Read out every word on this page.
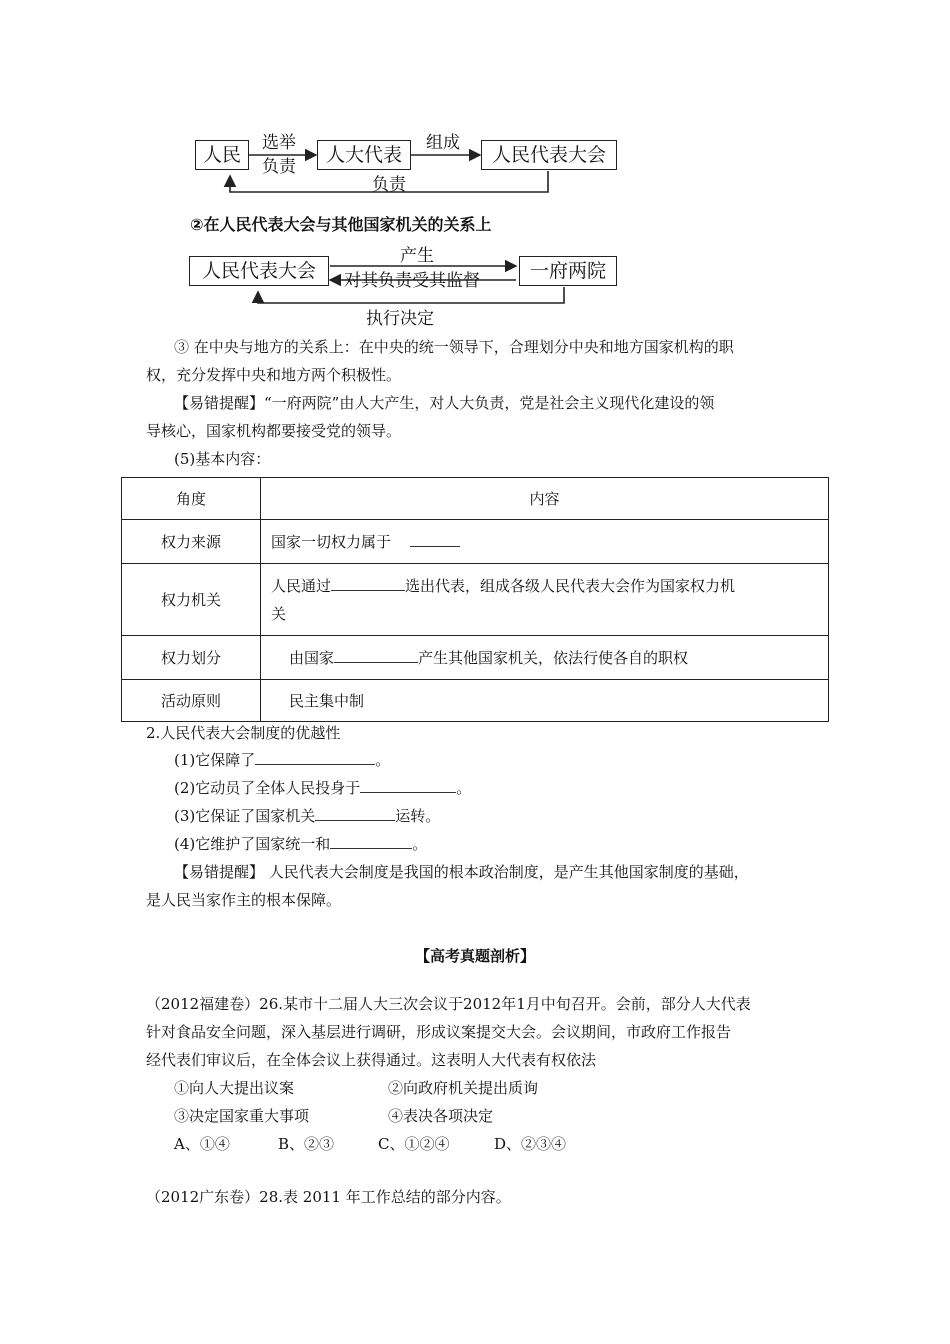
人民	人大代表	人民代表大会
选举
负责
组成
负责
②在人民代表大会与其他国家机关的关系上
人民代表大会	一府两院
产生
对其负责受其监督
执行决定
③ 在中央与地方的关系上：在中央的统一领导下，合理划分中央和地方国家机构的职
权，充分发挥中央和地方两个积极性。
【易错提醒】“一府两院”由人大产生，对人大负责，党是社会主义现代化建设的领
导核心，国家机构都要接受党的领导。
(5)基本内容：
角度	内容
权力来源	国家一切权力属于
权力机关	人民通过 选出代表，组成各级人民代表大会作为国家权力机
关
权力划分	由国家 产生其他国家机关，依法行使各自的职权
活动原则	民主集中制
2.人民代表大会制度的优越性
(1)它保障了	。
(2)它动员了全体人民投身于	。
(3)它保证了国家机关	运转。
(4)它维护了国家统一和	。
【易错提醒】 人民代表大会制度是我国的根本政治制度，是产生其他国家制度的基础，
是人民当家作主的根本保障。
【高考真题剖析】
（2012福建卷）26.某市十二届人大三次会议于2012年1月中旬召开。会前，部分人大代表
针对食品安全问题，深入基层进行调研，形成议案提交大会。会议期间，市政府工作报告
经代表们审议后，在全体会议上获得通过。这表明人大代表有权依法
①向人大提出议案	②向政府机关提出质询
③决定国家重大事项	④表决各项决定
A、①④	B、②③	C、①②④	D、②③④
（2012广东卷）28.表 2011 年工作总结的部分内容。
